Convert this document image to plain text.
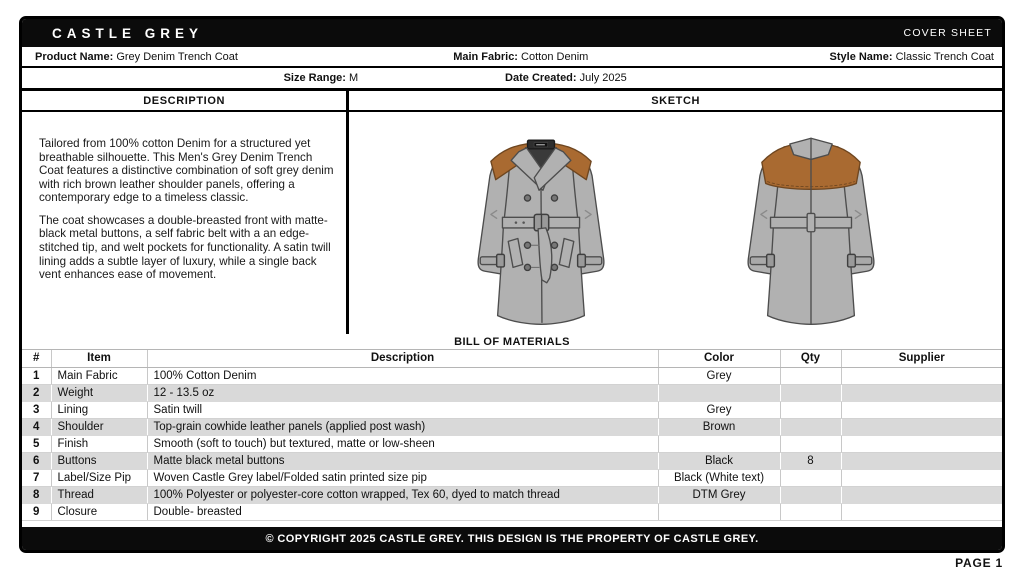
CASTLE GREY	COVER SHEET
Product Name: Grey Denim Trench Coat	Main Fabric: Cotton Denim	Style Name: Classic Trench Coat
Size Range: M	Date Created: July 2025
DESCRIPTION

Tailored from 100% cotton Denim for a structured yet breathable silhouette. This Men's Grey Denim Trench Coat features a distinctive combination of soft grey denim with rich brown leather shoulder panels, offering a contemporary edge to a timeless classic.

The coat showcases a double-breasted front with matte-black metal buttons, a self fabric belt with a an edge-stitched tip, and welt pockets for functionality. A satin twill lining adds a subtle layer of luxury, while a single back vent enhances ease of movement.

SKETCH
BILL OF MATERIALS
#	Item	Description	Color	Qty	Supplier
1	Main Fabric	100% Cotton Denim	Grey		
2	Weight	12 - 13.5 oz			
3	Lining	Satin twill	Grey		
4	Shoulder	Top-grain cowhide leather panels (applied post wash)	Brown		
5	Finish	Smooth (soft to touch) but textured, matte or low-sheen			
6	Buttons	Matte black metal buttons	Black	8	
7	Label/Size Pip	Woven Castle Grey label/Folded satin printed size pip	Black (White text)		
8	Thread	100% Polyester or polyester-core cotton wrapped, Tex 60, dyed to match thread	DTM Grey		
9	Closure	Double- breasted			
© COPYRIGHT 2025 CASTLE GREY. THIS DESIGN IS THE PROPERTY OF CASTLE GREY.
PAGE 1
